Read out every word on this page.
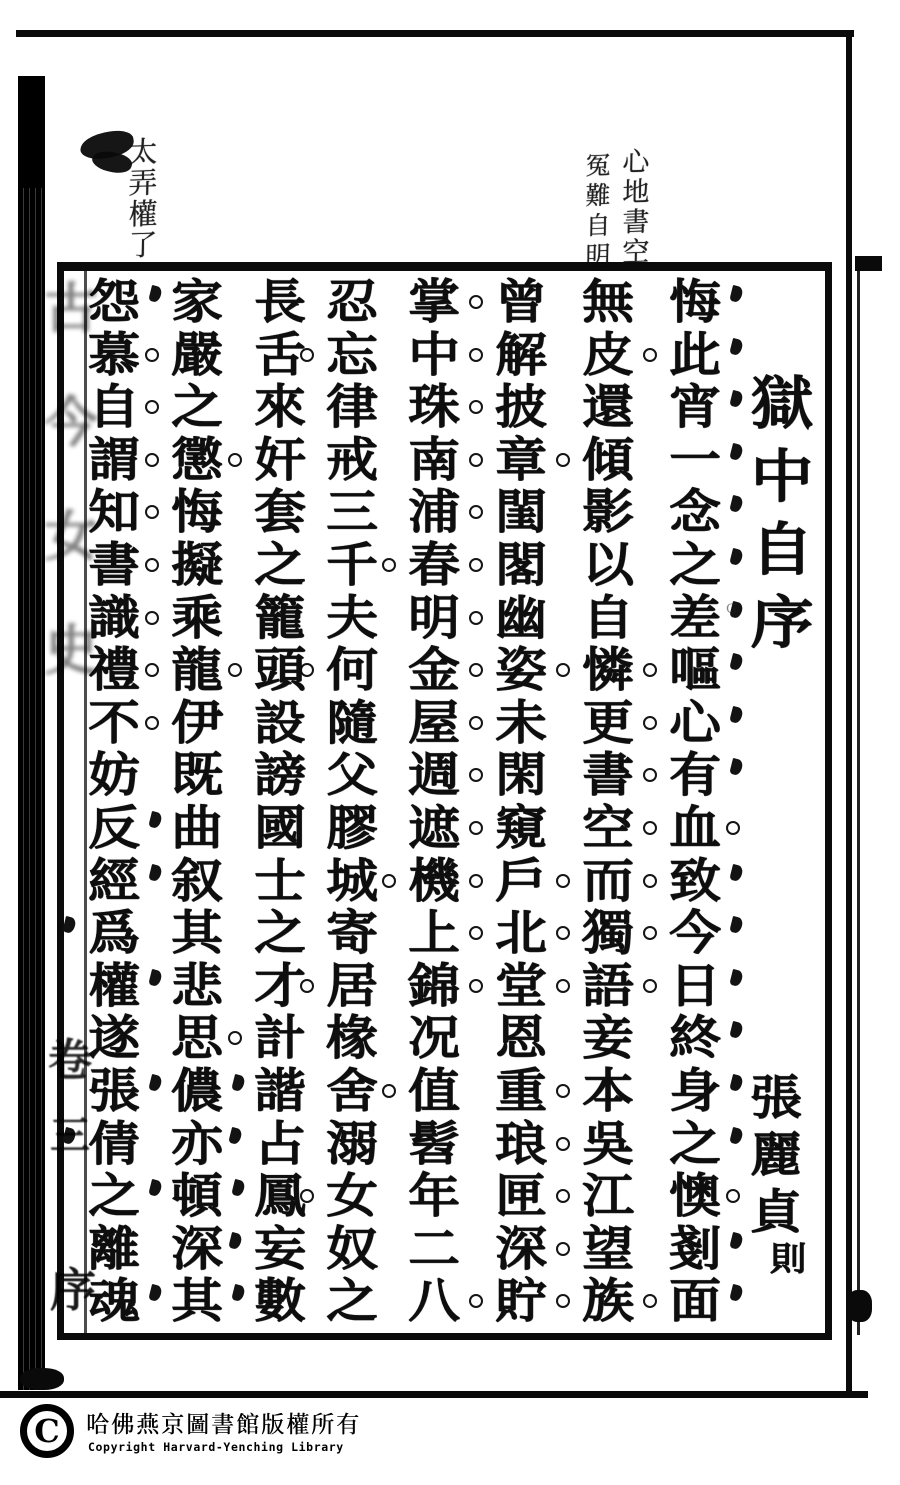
獄
中
自
序
張
麗
貞
則
悔
此
宵
一
念
之
差
嘔
心
有
血
致
今
日
終
身
之
懊
剗
面
無
皮
還
傾
影
以
自
憐
更
書
空
而
獨
語
妾
本
吳
江
望
族
曾
解
披
章
閨
閣
幽
姿
未
閑
窺
戶
北
堂
恩
重
琅
匣
深
貯
掌
中
珠
南
浦
春
明
金
屋
週
遮
機
上
錦
况
值
髫
年
二
八
忍
忘
律
戒
三
千
夫
何
隨
父
膠
城
寄
居
椽
舍
溺
女
奴
之
長
舌
來
奸
套
之
籠
頭
設
謗
國
士
之
才
計
諧
占
鳳
妄
數
家
嚴
之
懲
悔
擬
乘
龍
伊
既
曲
叙
其
悲
思
儂
亦
頓
深
其
怨
慕
自
謂
知
書
識
禮
不
妨
反
經
爲
權
遂
張
倩
之
離
魂
G
C 哈佛燕京圖書館版權所有
Copyright Harvard-Yenching Library
太
弄
權
了
心
地
書
空
冤
難
自
明
古
今
女
史
卷
三
序
